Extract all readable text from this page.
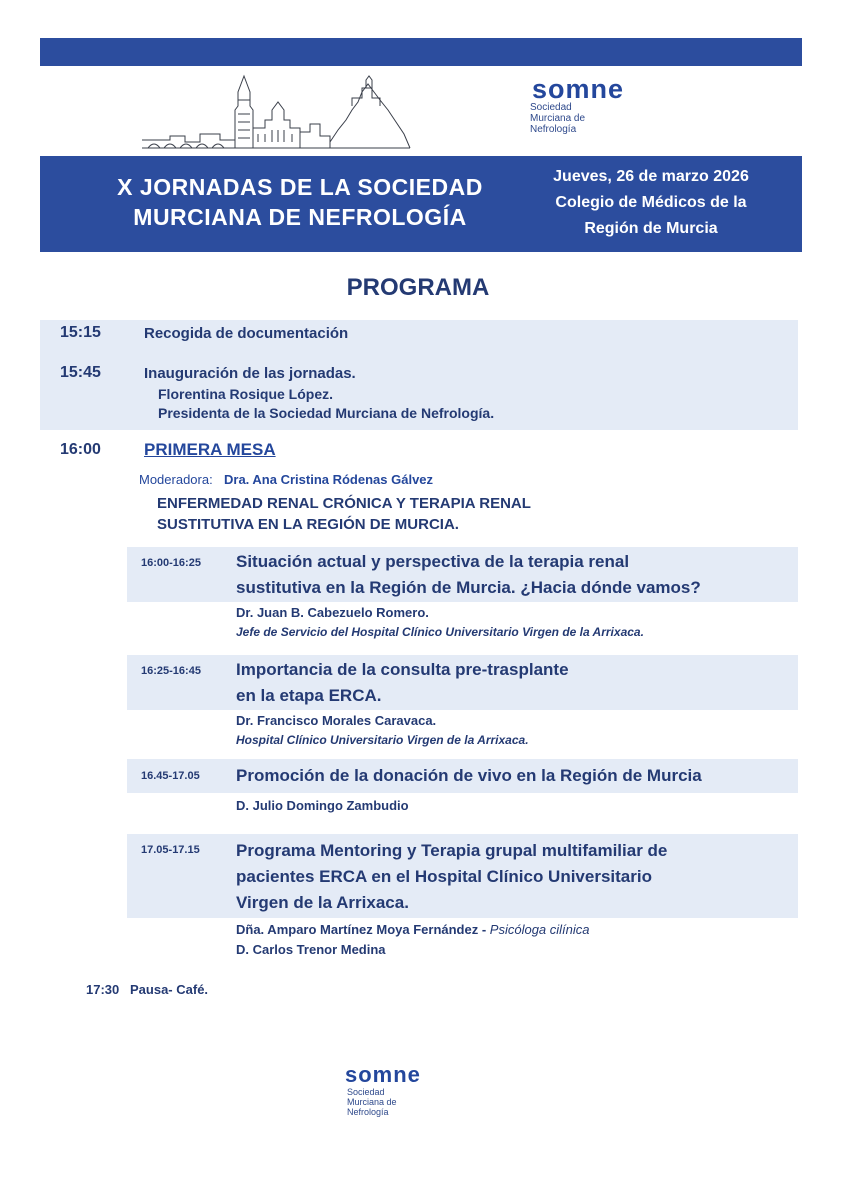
somne
Sociedad
Murciana de
Nefrología
X JORNADAS DE LA SOCIEDAD
MURCIANA DE NEFROLOGÍA
Jueves, 26 de marzo 2026
Colegio de Médicos de la
Región de Murcia
PROGRAMA
15:15	Recogida de documentación
15:45	Inauguración de las jornadas.
Florentina Rosique López.
Presidenta de la Sociedad Murciana de Nefrología.
16:00	PRIMERA MESA
Moderadora: Dra. Ana Cristina Ródenas Gálvez
ENFERMEDAD RENAL CRÓNICA Y TERAPIA RENAL
SUSTITUTIVA EN LA REGIÓN DE MURCIA.
16:00-16:25 Situación actual y perspectiva de la terapia renal
sustitutiva en la Región de Murcia. ¿Hacia dónde vamos?
Dr. Juan B. Cabezuelo Romero.
Jefe de Servicio del Hospital Clínico Universitario Virgen de la Arrixaca.
16:25-16:45 Importancia de la consulta pre-trasplante
en la etapa ERCA.
Dr. Francisco Morales Caravaca.
Hospital Clínico Universitario Virgen de la Arrixaca.
16.45-17.05 Promoción de la donación de vivo en la Región de Murcia
D. Julio Domingo Zambudio
17.05-17.15 Programa Mentoring y Terapia grupal multifamiliar de
pacientes ERCA en el Hospital Clínico Universitario
Virgen de la Arrixaca.
Dña. Amparo Martínez Moya Fernández - Psicóloga cilínica
D. Carlos Trenor Medina
17:30 Pausa- Café.
somne
Sociedad
Murciana de
Nefrología
